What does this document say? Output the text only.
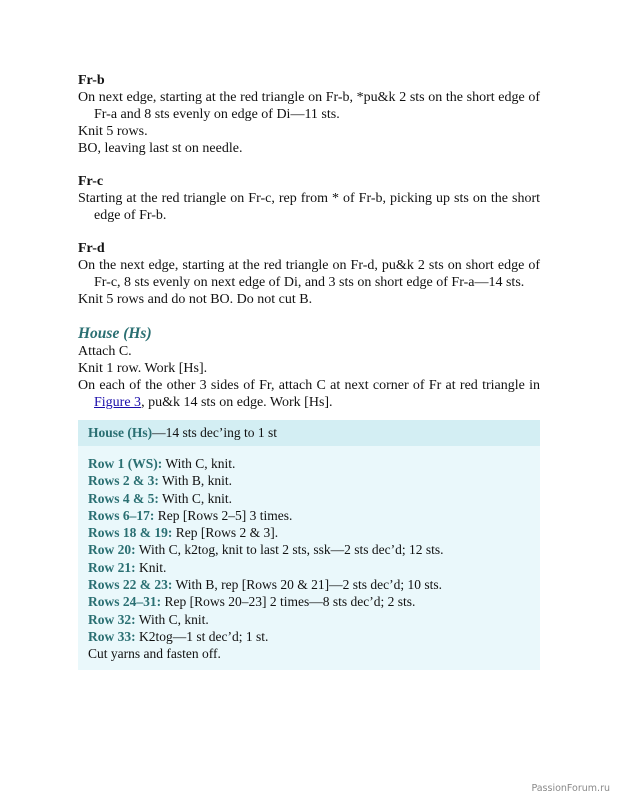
Fr-b

On next edge, starting at the red triangle on Fr-b, *pu&k 2 sts on the short edge of Fr-a and 8 sts evenly on edge of Di—11 sts.

Knit 5 rows.

BO, leaving last st on needle.

Fr-c

Starting at the red triangle on Fr-c, rep from * of Fr-b, picking up sts on the short edge of Fr-b.

Fr-d

On the next edge, starting at the red triangle on Fr-d, pu&k 2 sts on short edge of Fr-c, 8 sts evenly on next edge of Di, and 3 sts on short edge of Fr-a—14 sts.

Knit 5 rows and do not BO. Do not cut B.

House (Hs)

Attach C.

Knit 1 row. Work [Hs].

On each of the other 3 sides of Fr, attach C at next corner of Fr at red triangle in Figure 3, pu&k 14 sts on edge. Work [Hs].

House (Hs)—14 sts dec’ing to 1 st

Row 1 (WS): With C, knit.

Rows 2 & 3: With B, knit.

Rows 4 & 5: With C, knit.

Rows 6–17: Rep [Rows 2–5] 3 times.

Rows 18 & 19: Rep [Rows 2 & 3].

Row 20: With C, k2tog, knit to last 2 sts, ssk—2 sts dec’d; 12 sts.

Row 21: Knit.

Rows 22 & 23: With B, rep [Rows 20 & 21]—2 sts dec’d; 10 sts.

Rows 24–31: Rep [Rows 20–23] 2 times—8 sts dec’d; 2 sts.

Row 32: With C, knit.

Row 33: K2tog—1 st dec’d; 1 st.

Cut yarns and fasten off.

PassionForum.ru
